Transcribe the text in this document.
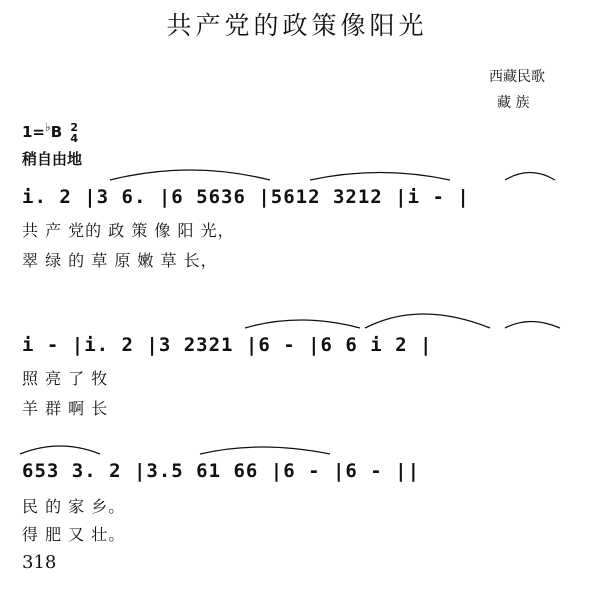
共产党的政策像阳光
西藏民歌
藏 族
1=♭B 2
4
稍自由地
i. 2 |3 6. |6 5636 |5612 3212 |i - |
共 产 党的 政 策 像 阳 光，
翠 绿 的 草 原 嫩 草 长，
i - |i. 2 |3 2321 |6 - |6 6 i 2 |
照 亮 了 牧
羊 群 啊 长
653 3. 2 |3.5 61 66 |6 - |6 - ||
民 的 家 乡。
得 肥 又 壮。
318
